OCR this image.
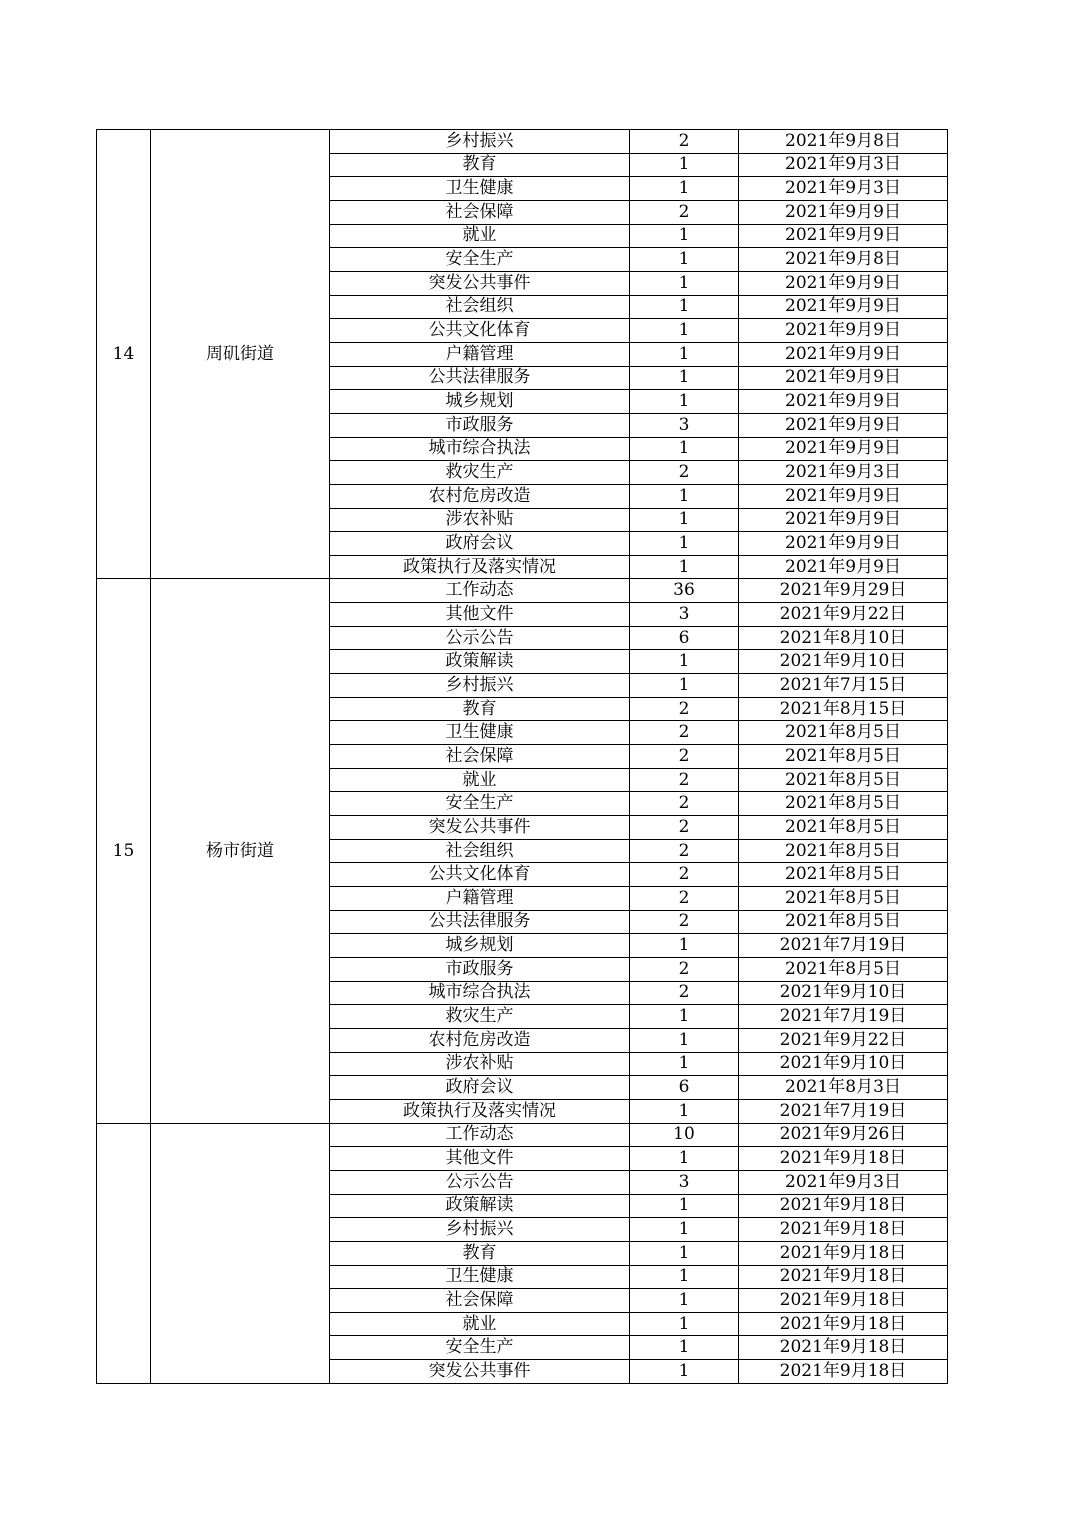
14	周矶街道	乡村振兴	2	2021年9月8日
		教育	1	2021年9月3日
		卫生健康	1	2021年9月3日
		社会保障	2	2021年9月9日
		就业	1	2021年9月9日
		安全生产	1	2021年9月8日
		突发公共事件	1	2021年9月9日
		社会组织	1	2021年9月9日
		公共文化体育	1	2021年9月9日
		户籍管理	1	2021年9月9日
		公共法律服务	1	2021年9月9日
		城乡规划	1	2021年9月9日
		市政服务	3	2021年9月9日
		城市综合执法	1	2021年9月9日
		救灾生产	2	2021年9月3日
		农村危房改造	1	2021年9月9日
		涉农补贴	1	2021年9月9日
		政府会议	1	2021年9月9日
		政策执行及落实情况	1	2021年9月9日
15	杨市街道	工作动态	36	2021年9月29日
		其他文件	3	2021年9月22日
		公示公告	6	2021年8月10日
		政策解读	1	2021年9月10日
		乡村振兴	1	2021年7月15日
		教育	2	2021年8月15日
		卫生健康	2	2021年8月5日
		社会保障	2	2021年8月5日
		就业	2	2021年8月5日
		安全生产	2	2021年8月5日
		突发公共事件	2	2021年8月5日
		社会组织	2	2021年8月5日
		公共文化体育	2	2021年8月5日
		户籍管理	2	2021年8月5日
		公共法律服务	2	2021年8月5日
		城乡规划	1	2021年7月19日
		市政服务	2	2021年8月5日
		城市综合执法	2	2021年9月10日
		救灾生产	1	2021年7月19日
		农村危房改造	1	2021年9月22日
		涉农补贴	1	2021年9月10日
		政府会议	6	2021年8月3日
		政策执行及落实情况	1	2021年7月19日
		工作动态	10	2021年9月26日
		其他文件	1	2021年9月18日
		公示公告	3	2021年9月3日
		政策解读	1	2021年9月18日
		乡村振兴	1	2021年9月18日
		教育	1	2021年9月18日
		卫生健康	1	2021年9月18日
		社会保障	1	2021年9月18日
		就业	1	2021年9月18日
		安全生产	1	2021年9月18日
		突发公共事件	1	2021年9月18日
